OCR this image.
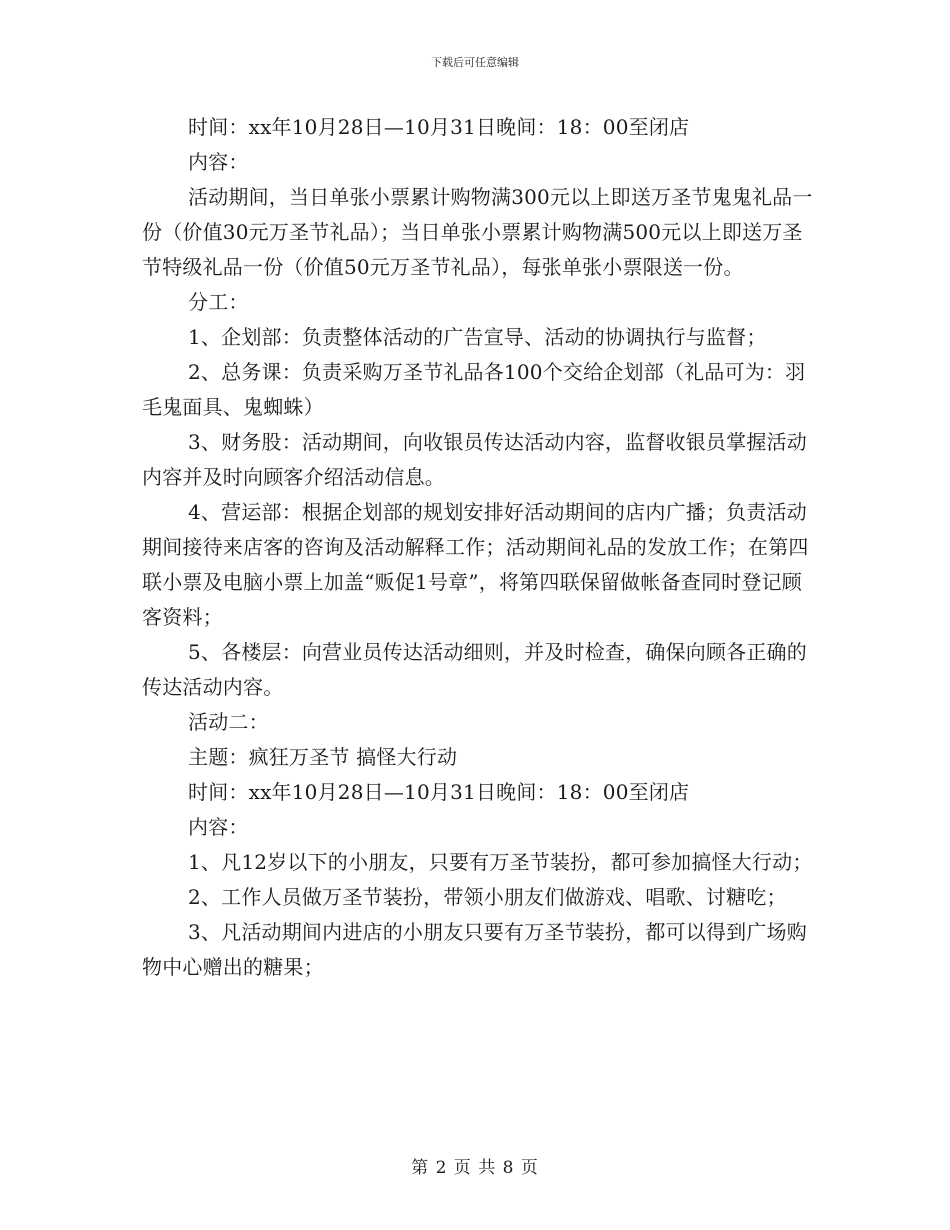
下载后可任意编辑

时间：xx年10月28日—10月31日晚间：18：00至闭店

内容：

活动期间，当日单张小票累计购物满300元以上即送万圣节鬼鬼礼品一份（价值30元万圣节礼品）；当日单张小票累计购物满500元以上即送万圣节特级礼品一份（价值50元万圣节礼品），每张单张小票限送一份。

分工：

1、企划部：负责整体活动的广告宣导、活动的协调执行与监督；

2、总务课：负责采购万圣节礼品各100个交给企划部（礼品可为：羽毛鬼面具、鬼蜘蛛）

3、财务股：活动期间，向收银员传达活动内容，监督收银员掌握活动内容并及时向顾客介绍活动信息。

4、营运部：根据企划部的规划安排好活动期间的店内广播；负责活动期间接待来店客的咨询及活动解释工作；活动期间礼品的发放工作；在第四联小票及电脑小票上加盖“贩促1号章”，将第四联保留做帐备查同时登记顾客资料；

5、各楼层：向营业员传达活动细则，并及时检查，确保向顾各正确的传达活动内容。

活动二：

主题：疯狂万圣节 搞怪大行动

时间：xx年10月28日—10月31日晚间：18：00至闭店

内容：

1、凡12岁以下的小朋友，只要有万圣节装扮，都可参加搞怪大行动；

2、工作人员做万圣节装扮，带领小朋友们做游戏、唱歌、讨糖吃；

3、凡活动期间内进店的小朋友只要有万圣节装扮，都可以得到广场购物中心赠出的糖果；

第 2 页 共 8 页
